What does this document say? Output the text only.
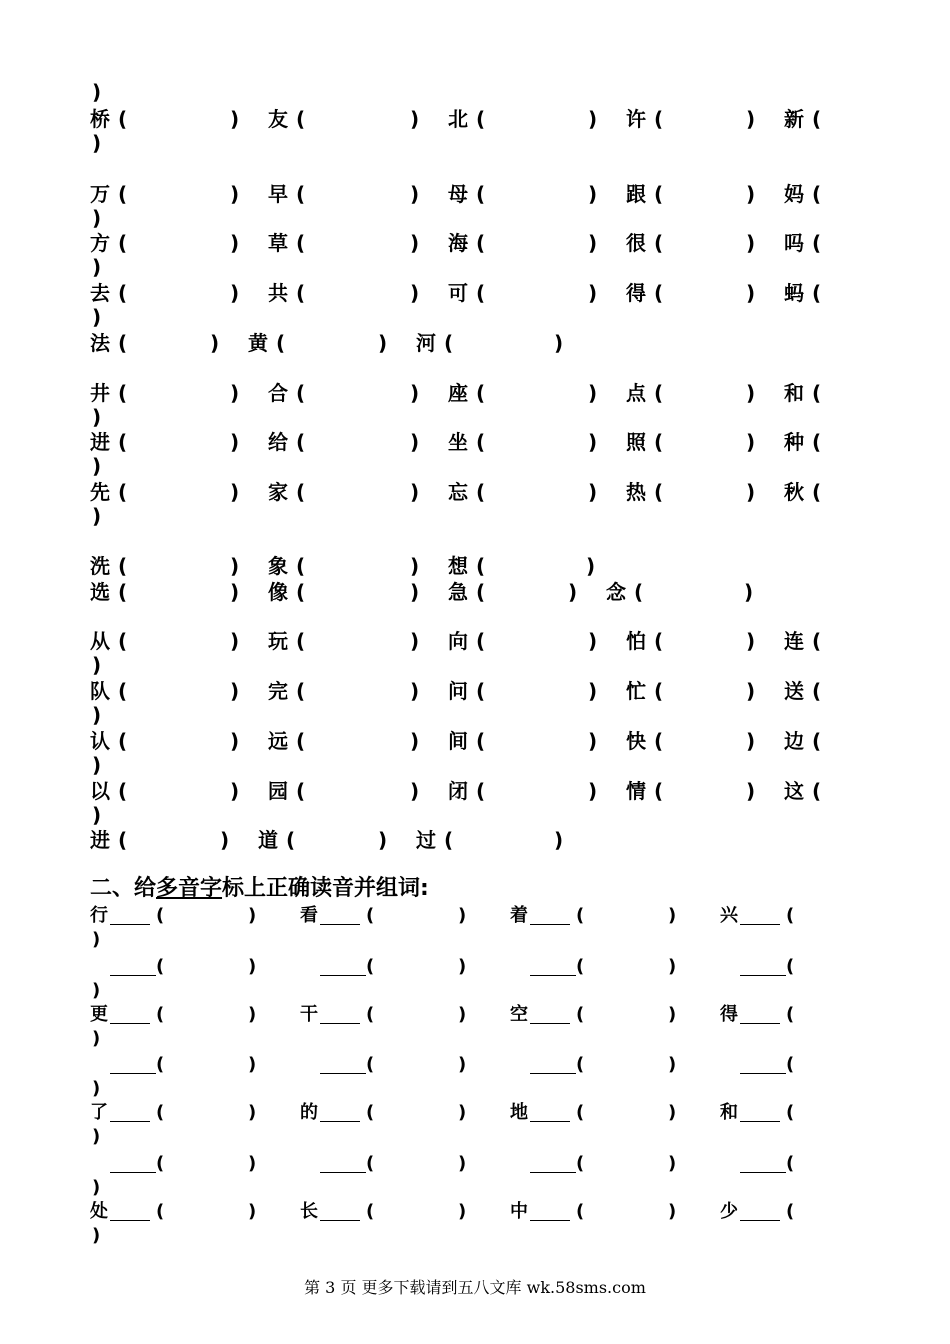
)
桥 (	) 友 (	) 北 (	) 许 (	) 新 (
)
万 (	) 早 (	) 母 (	) 跟 (	) 妈 (
)
方 (	) 草 (	) 海 (	) 很 (	) 吗 (
)
去 (	) 共 (	) 可 (	) 得 (	) 蚂 (
)
法 (	) 黄 (	) 河 (	)
井 (	) 合 (	) 座 (	) 点 (	) 和 (
)
进 (	) 给 (	) 坐 (	) 照 (	) 种 (
)
先 (	) 家 (	) 忘 (	) 热 (	) 秋 (
)
洗 (	) 象 (	) 想 (	)
选 (	) 像 (	) 急 (	) 念 (	)
从 (	) 玩 (	) 向 (	) 怕 (	) 连 (
)
队 (	) 完 (	) 问 (	) 忙 (	) 送 (
)
认 (	) 远 (	) 间 (	) 快 (	) 边 (
)
以 (	) 园 (	) 闭 (	) 情 (	) 这 (
)
进 (	) 道 (	) 过 (	)
二、给多音字标上正确读音并组词:
行	(	) 看	(	) 着	(	) 兴	(
)
(	)	(	)	(	)	(
)
更	(	) 干	(	) 空	(	) 得	(
)
(	)	(	)	(	)	(
)
了	(	) 的	(	) 地	(	) 和	(
)
(	)	(	)	(	)	(
)
处	(	) 长	(	) 中	(	) 少	(
)
第 3 页 更多下载请到五八文库 wk.58sms.com
